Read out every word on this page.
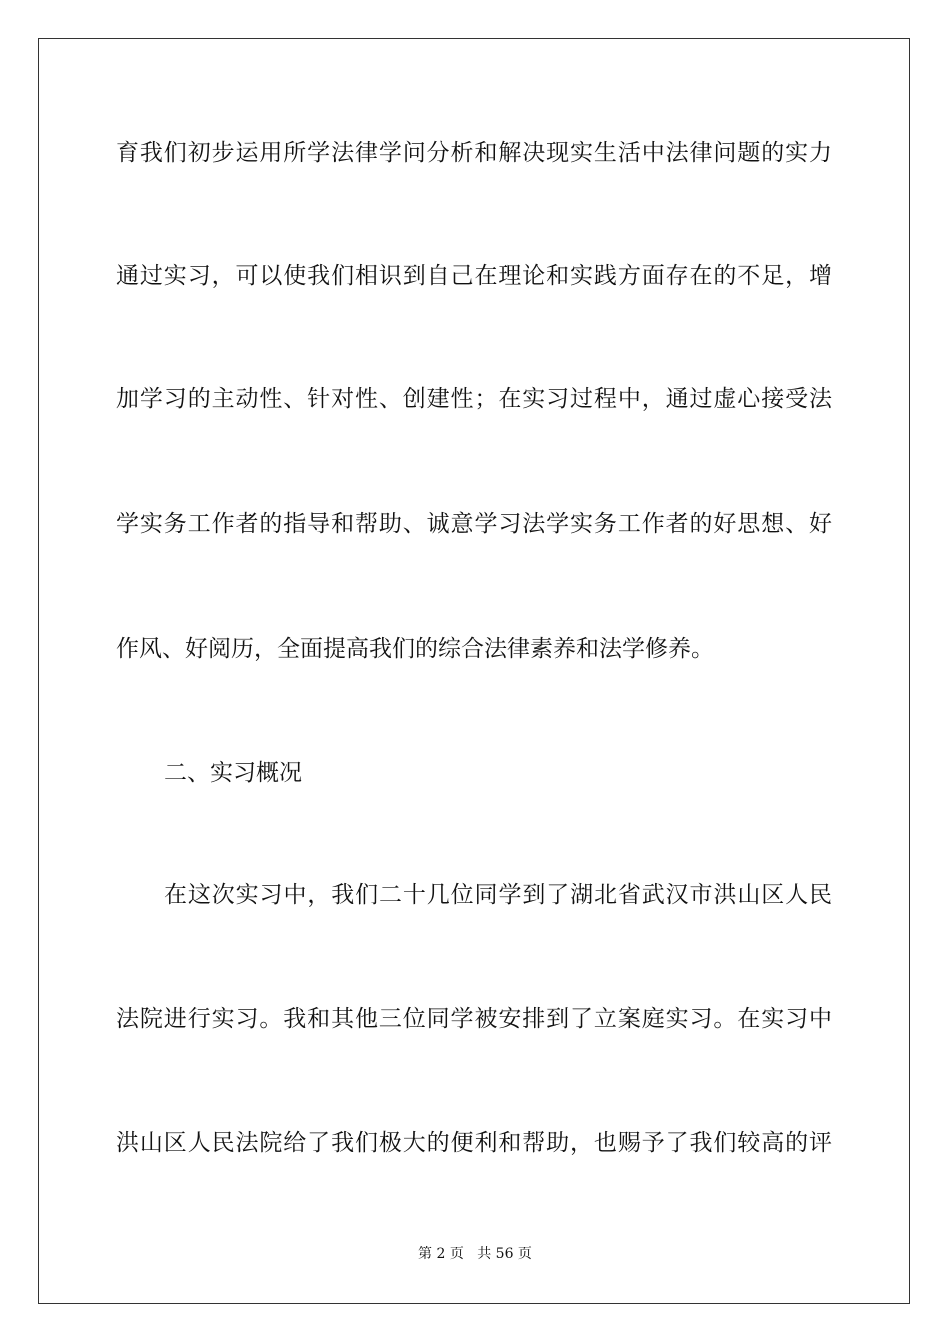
育我们初步运用所学法律学问分析和解决现实生活中法律问题的实力
通过实习，可以使我们相识到自己在理论和实践方面存在的不足，增
加学习的主动性、针对性、创建性；在实习过程中，通过虚心接受法
学实务工作者的指导和帮助、诚意学习法学实务工作者的好思想、好
作风、好阅历，全面提高我们的综合法律素养和法学修养。
二、实习概况
在这次实习中，我们二十几位同学到了湖北省武汉市洪山区人民
法院进行实习。我和其他三位同学被安排到了立案庭实习。在实习中
洪山区人民法院给了我们极大的便利和帮助，也赐予了我们较高的评
第 2 页 共 56 页
